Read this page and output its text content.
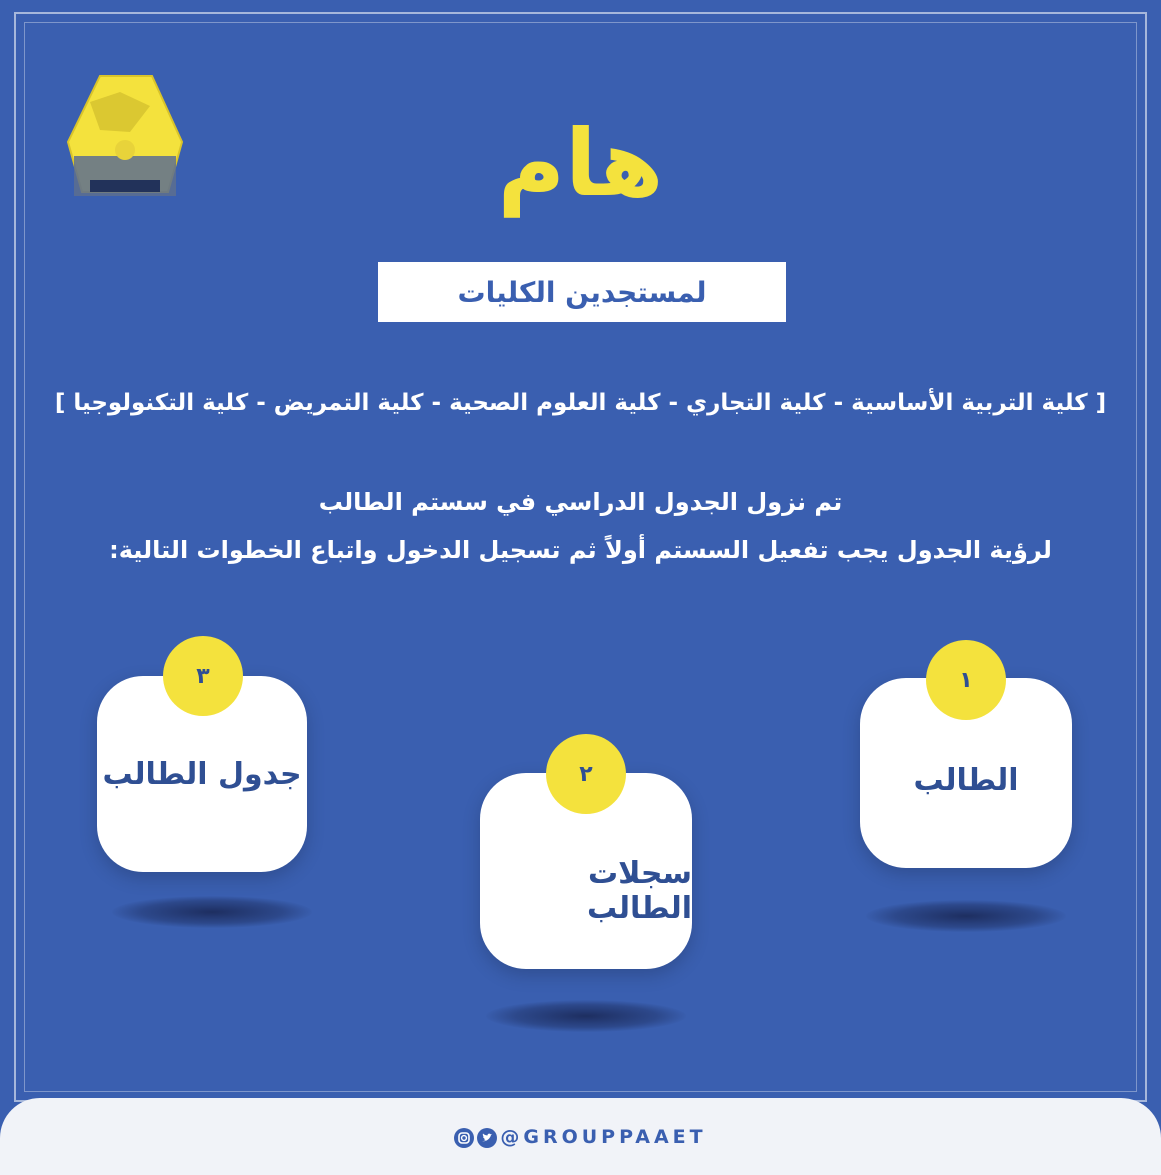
هام
لمستجدين الكليات
[ كلية التربية الأساسية - كلية التجاري - كلية العلوم الصحية - كلية التمريض - كلية التكنولوجيا ]
تم نزول الجدول الدراسي في سستم الطالب
لرؤية الجدول يجب تفعيل السستم أولاً ثم تسجيل الدخول واتباع الخطوات التالية:
جدول الطالب
٣
سجلات الطالب
٢	الطالب
١
@GROUPPAAET
